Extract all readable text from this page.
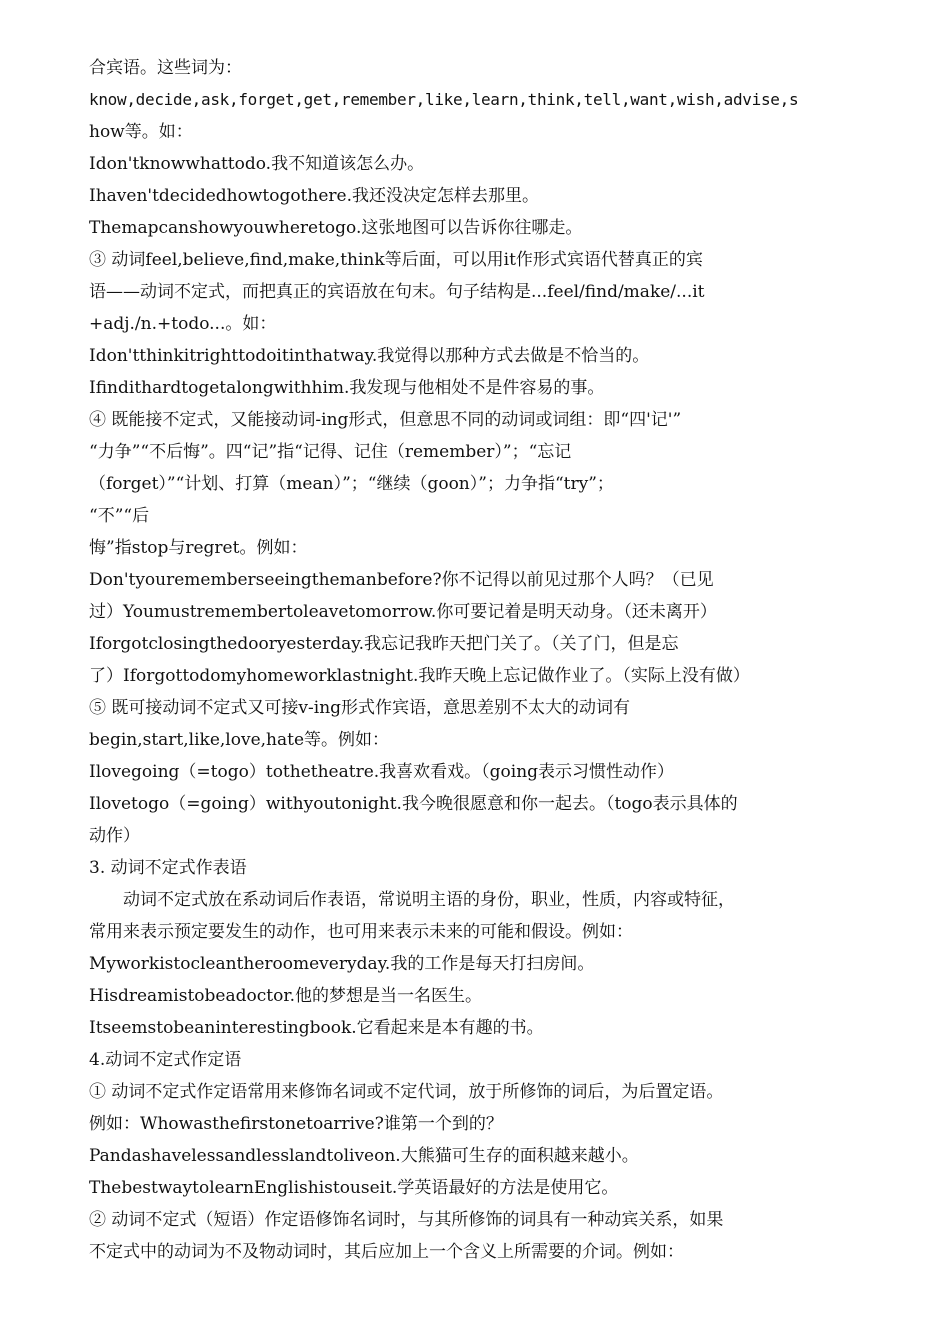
合宾语。这些词为：

know,decide,ask,forget,get,remember,like,learn,think,tell,want,wish,advise,s

how等。如：

Idon'tknowwhattodo.我不知道该怎么办。

Ihaven'tdecidedhowtogothere.我还没决定怎样去那里。

Themapcanshowyouwheretogo.这张地图可以告诉你往哪走。

③ 动词feel,believe,find,make,think等后面，可以用it作形式宾语代替真正的宾

语——动词不定式，而把真正的宾语放在句末。句子结构是...feel/find/make/...it

+adj./n.+todo...。如：

Idon'tthinkitrighttodoitinthatway.我觉得以那种方式去做是不恰当的。

Ifindithardtogetalongwithhim.我发现与他相处不是件容易的事。

④ 既能接不定式，又能接动词-ing形式，但意思不同的动词或词组：即“四'记'”

“力争”“不后悔”。四“记”指“记得、记住（remember）”；“忘记

（forget）”“计划、打算（mean）”；“继续（goon）”；力争指“try”；

“不”“后

悔”指stop与regret。例如：

Don'tyourememberseeingthemanbefore?你不记得以前见过那个人吗？（已见

过）Youmustremembertoleavetomorrow.你可要记着是明天动身。（还未离开）

Iforgotclosingthedooryesterday.我忘记我昨天把门关了。（关了门，但是忘

了）Iforgottodomyhomeworklastnight.我昨天晚上忘记做作业了。（实际上没有做）

⑤ 既可接动词不定式又可接v-ing形式作宾语，意思差别不太大的动词有

begin,start,like,love,hate等。例如：

Ilovegoing（=togo）tothetheatre.我喜欢看戏。（going表示习惯性动作）

Ilovetogo（=going）withyoutonight.我今晚很愿意和你一起去。（togo表示具体的

动作）

3. 动词不定式作表语

动词不定式放在系动词后作表语，常说明主语的身份，职业，性质，内容或特征，

常用来表示预定要发生的动作，也可用来表示未来的可能和假设。例如：

Myworkistocleantheroomeveryday.我的工作是每天打扫房间。

Hisdreamistobeadoctor.他的梦想是当一名医生。

Itseemstobeaninterestingbook.它看起来是本有趣的书。

4.动词不定式作定语

① 动词不定式作定语常用来修饰名词或不定代词，放于所修饰的词后，为后置定语。

例如：Whowasthefirstonetoarrive?谁第一个到的？

Pandashavelessandlesslandtoliveon.大熊猫可生存的面积越来越小。

ThebestwaytolearnEnglishistouseit.学英语最好的方法是使用它。

② 动词不定式（短语）作定语修饰名词时，与其所修饰的词具有一种动宾关系，如果

不定式中的动词为不及物动词时，其后应加上一个含义上所需要的介词。例如：
